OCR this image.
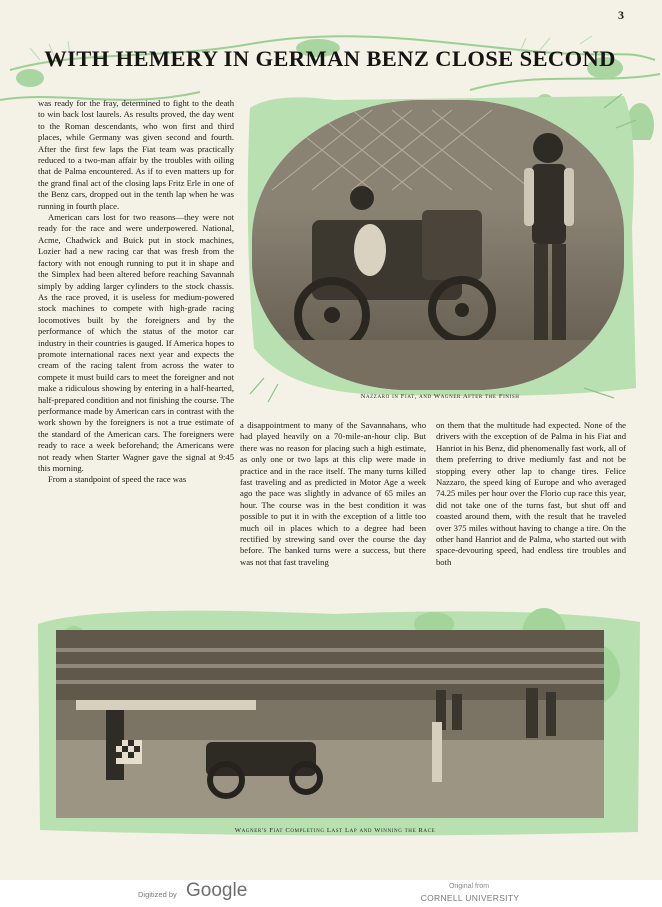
3
WITH HEMERY IN GERMAN BENZ CLOSE SECOND
Nazzaro in Fiat, and Wagner After the Finish

was ready for the fray, determined to fight to the death to win back lost laurels. As results proved, the day went to the Roman descendants, who won first and third places, while Germany was given second and fourth. After the first few laps the Fiat team was practically reduced to a two-man affair by the troubles with oiling that de Palma encountered. As if to even matters up for the grand final act of the closing laps Fritz Erle in one of the Benz cars, dropped out in the tenth lap when he was running in fourth place.

American cars lost for two reasons—they were not ready for the race and were underpowered. National, Acme, Chadwick and Buick put in stock machines, Lozier had a new racing car that was fresh from the factory with not enough running to put it in shape and the Simplex had been altered before reaching Savannah simply by adding larger cylinders to the stock chassis. As the race proved, it is useless for medium-powered stock machines to compete with high-grade racing locomotives built by the foreigners and by the performance of which the status of the motor car industry in their countries is gauged. If America hopes to promote international races next year and expects the cream of the racing talent from across the water to compete it must build cars to meet the foreigner and not make a ridiculous showing by entering in a half-hearted, half-prepared condition and not finishing the course. The performance made by American cars in contrast with the work shown by the foreigners is not a true estimate of the standard of the American cars. The foreigners were ready to race a week beforehand; the Americans were not ready when Starter Wagner gave the signal at 9:45 this morning.

From a standpoint of speed the race was

a disappointment to many of the Savannahans, who had played heavily on a 70-mile-an-hour clip. But there was no reason for placing such a high estimate, as only one or two laps at this clip were made in practice and in the race itself. The many turns killed fast traveling and as predicted in Motor Age a week ago the pace was slightly in advance of 65 miles an hour. The course was in the best condition it was possible to put it in with the exception of a little too much oil in places which to a degree had been rectified by strewing sand over the course the day before. The banked turns were a success, but there was not that fast traveling

on them that the multitude had expected. None of the drivers with the exception of de Palma in his Fiat and Hanriot in his Benz, did phenomenally fast work, all of them preferring to drive mediumly fast and not be stopping every other lap to change tires. Felice Nazzaro, the speed king of Europe and who averaged 74.25 miles per hour over the Florio cup race this year, did not take one of the turns fast, but shut off and coasted around them, with the result that he traveled over 375 miles without having to change a tire. On the other hand Hanriot and de Palma, who started out with space-devouring speed, had endless tire troubles and both

Wagner's Fiat Completing Last Lap and Winning the Race
Digitized by Google	Original from
CORNELL UNIVERSITY
